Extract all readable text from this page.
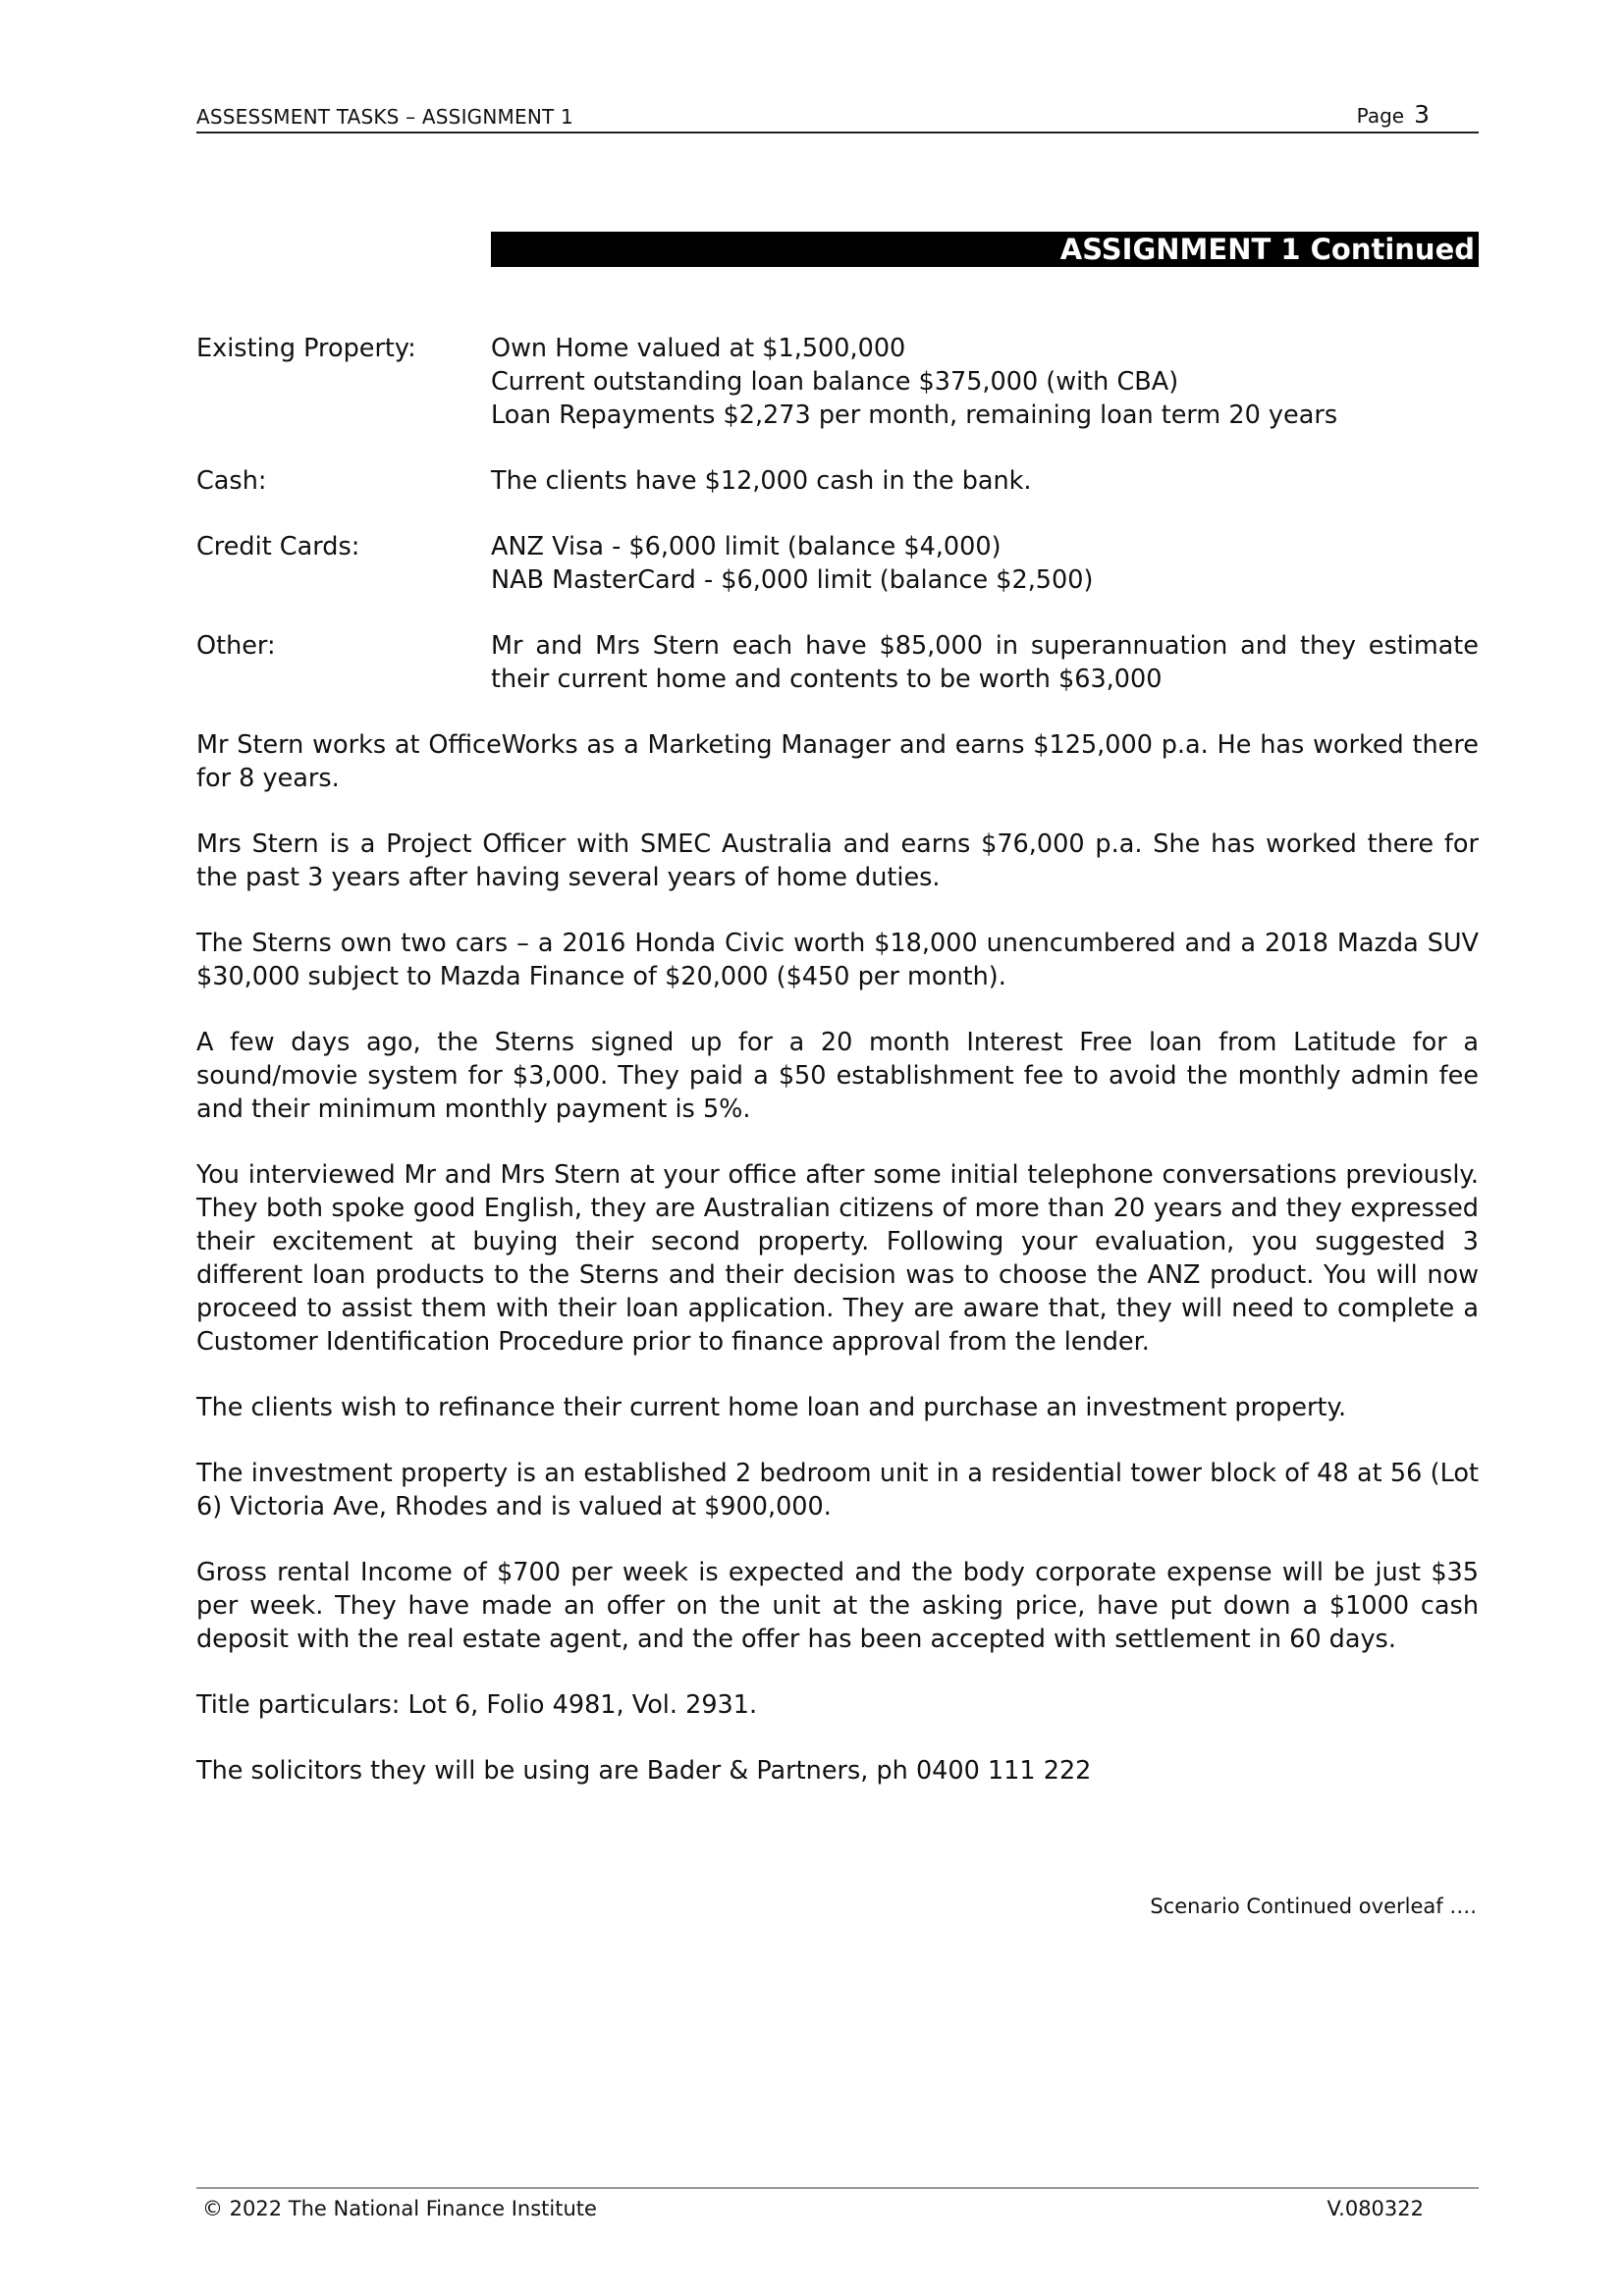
ASSESSMENT TASKS – ASSIGNMENT 1	Page 3
ASSIGNMENT 1 Continued
Existing Property:	Own Home valued at $1,500,000
Current outstanding loan balance $375,000 (with CBA)
Loan Repayments $2,273 per month, remaining loan term 20 years
Cash:	The clients have $12,000 cash in the bank.
Credit Cards:	ANZ Visa - $6,000 limit (balance $4,000)
NAB MasterCard - $6,000 limit (balance $2,500)
Other:	Mr and Mrs Stern each have $85,000 in superannuation and they estimate their current home and contents to be worth $63,000

Mr Stern works at OfficeWorks as a Marketing Manager and earns $125,000 p.a. He has worked there for 8 years.

Mrs Stern is a Project Officer with SMEC Australia and earns $76,000 p.a. She has worked there for the past 3 years after having several years of home duties.

The Sterns own two cars – a 2016 Honda Civic worth $18,000 unencumbered and a 2018 Mazda SUV $30,000 subject to Mazda Finance of $20,000 ($450 per month).

A few days ago, the Sterns signed up for a 20 month Interest Free loan from Latitude for a sound/movie system for $3,000. They paid a $50 establishment fee to avoid the monthly admin fee and their minimum monthly payment is 5%.

You interviewed Mr and Mrs Stern at your office after some initial telephone conversations previously. They both spoke good English, they are Australian citizens of more than 20 years and they expressed their excitement at buying their second property. Following your evaluation, you suggested 3 different loan products to the Sterns and their decision was to choose the ANZ product. You will now proceed to assist them with their loan application. They are aware that, they will need to complete a Customer Identification Procedure prior to finance approval from the lender.

The clients wish to refinance their current home loan and purchase an investment property.

The investment property is an established 2 bedroom unit in a residential tower block of 48 at 56 (Lot 6) Victoria Ave, Rhodes and is valued at $900,000.

Gross rental Income of $700 per week is expected and the body corporate expense will be just $35 per week. They have made an offer on the unit at the asking price, have put down a $1000 cash deposit with the real estate agent, and the offer has been accepted with settlement in 60 days.

Title particulars: Lot 6, Folio 4981, Vol. 2931.

The solicitors they will be using are Bader & Partners, ph 0400 111 222

Scenario Continued overleaf ….
© 2022 The National Finance Institute	V.080322
